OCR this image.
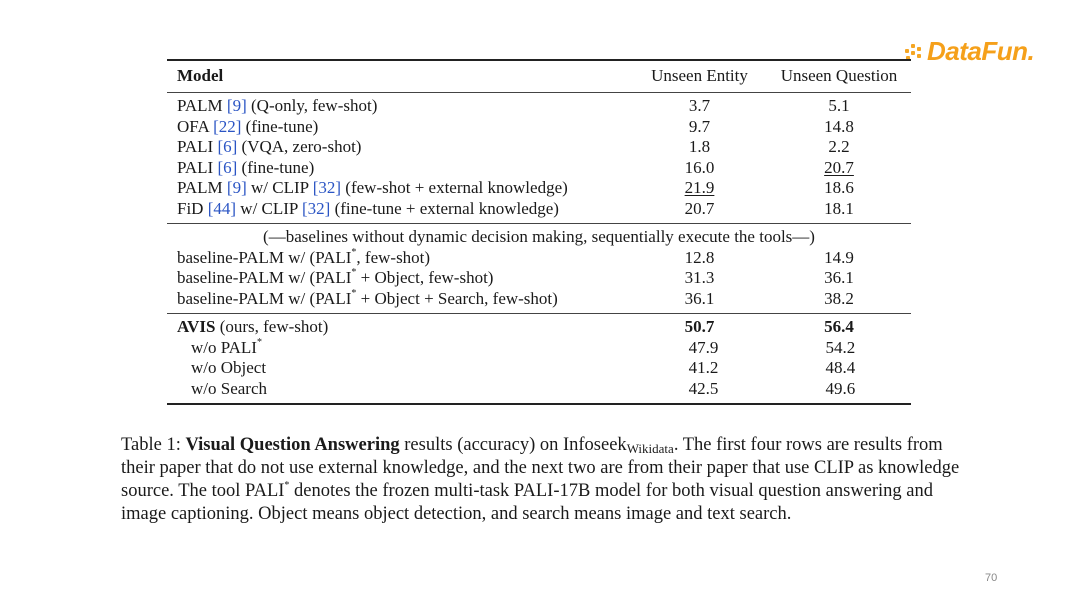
DataFun.
Model	Unseen Entity	Unseen Question
PALM [9] (Q-only, few-shot)	3.7	5.1
OFA [22] (fine-tune)	9.7	14.8
PALI [6] (VQA, zero-shot)	1.8	2.2
PALI [6] (fine-tune)	16.0	20.7
PALM [9] w/ CLIP [32] (few-shot + external knowledge)	21.9	18.6
FiD [44] w/ CLIP [32] (fine-tune + external knowledge)	20.7	18.1
(—baselines without dynamic decision making, sequentially execute the tools—)
baseline-PALM w/ (PALI*, few-shot)	12.8	14.9
baseline-PALM w/ (PALI* + Object, few-shot)	31.3	36.1
baseline-PALM w/ (PALI* + Object + Search, few-shot)	36.1	38.2
AVIS (ours, few-shot)	50.7	56.4
w/o PALI*	47.9	54.2
w/o Object	41.2	48.4
w/o Search	42.5	49.6
Table 1: Visual Question Answering results (accuracy) on InfoseekWikidata. The first four rows are results from their paper that do not use external knowledge, and the next two are from their paper that use CLIP as knowledge source. The tool PALI* denotes the frozen multi-task PALI-17B model for both visual question answering and image captioning. Object means object detection, and search means image and text search.
70
